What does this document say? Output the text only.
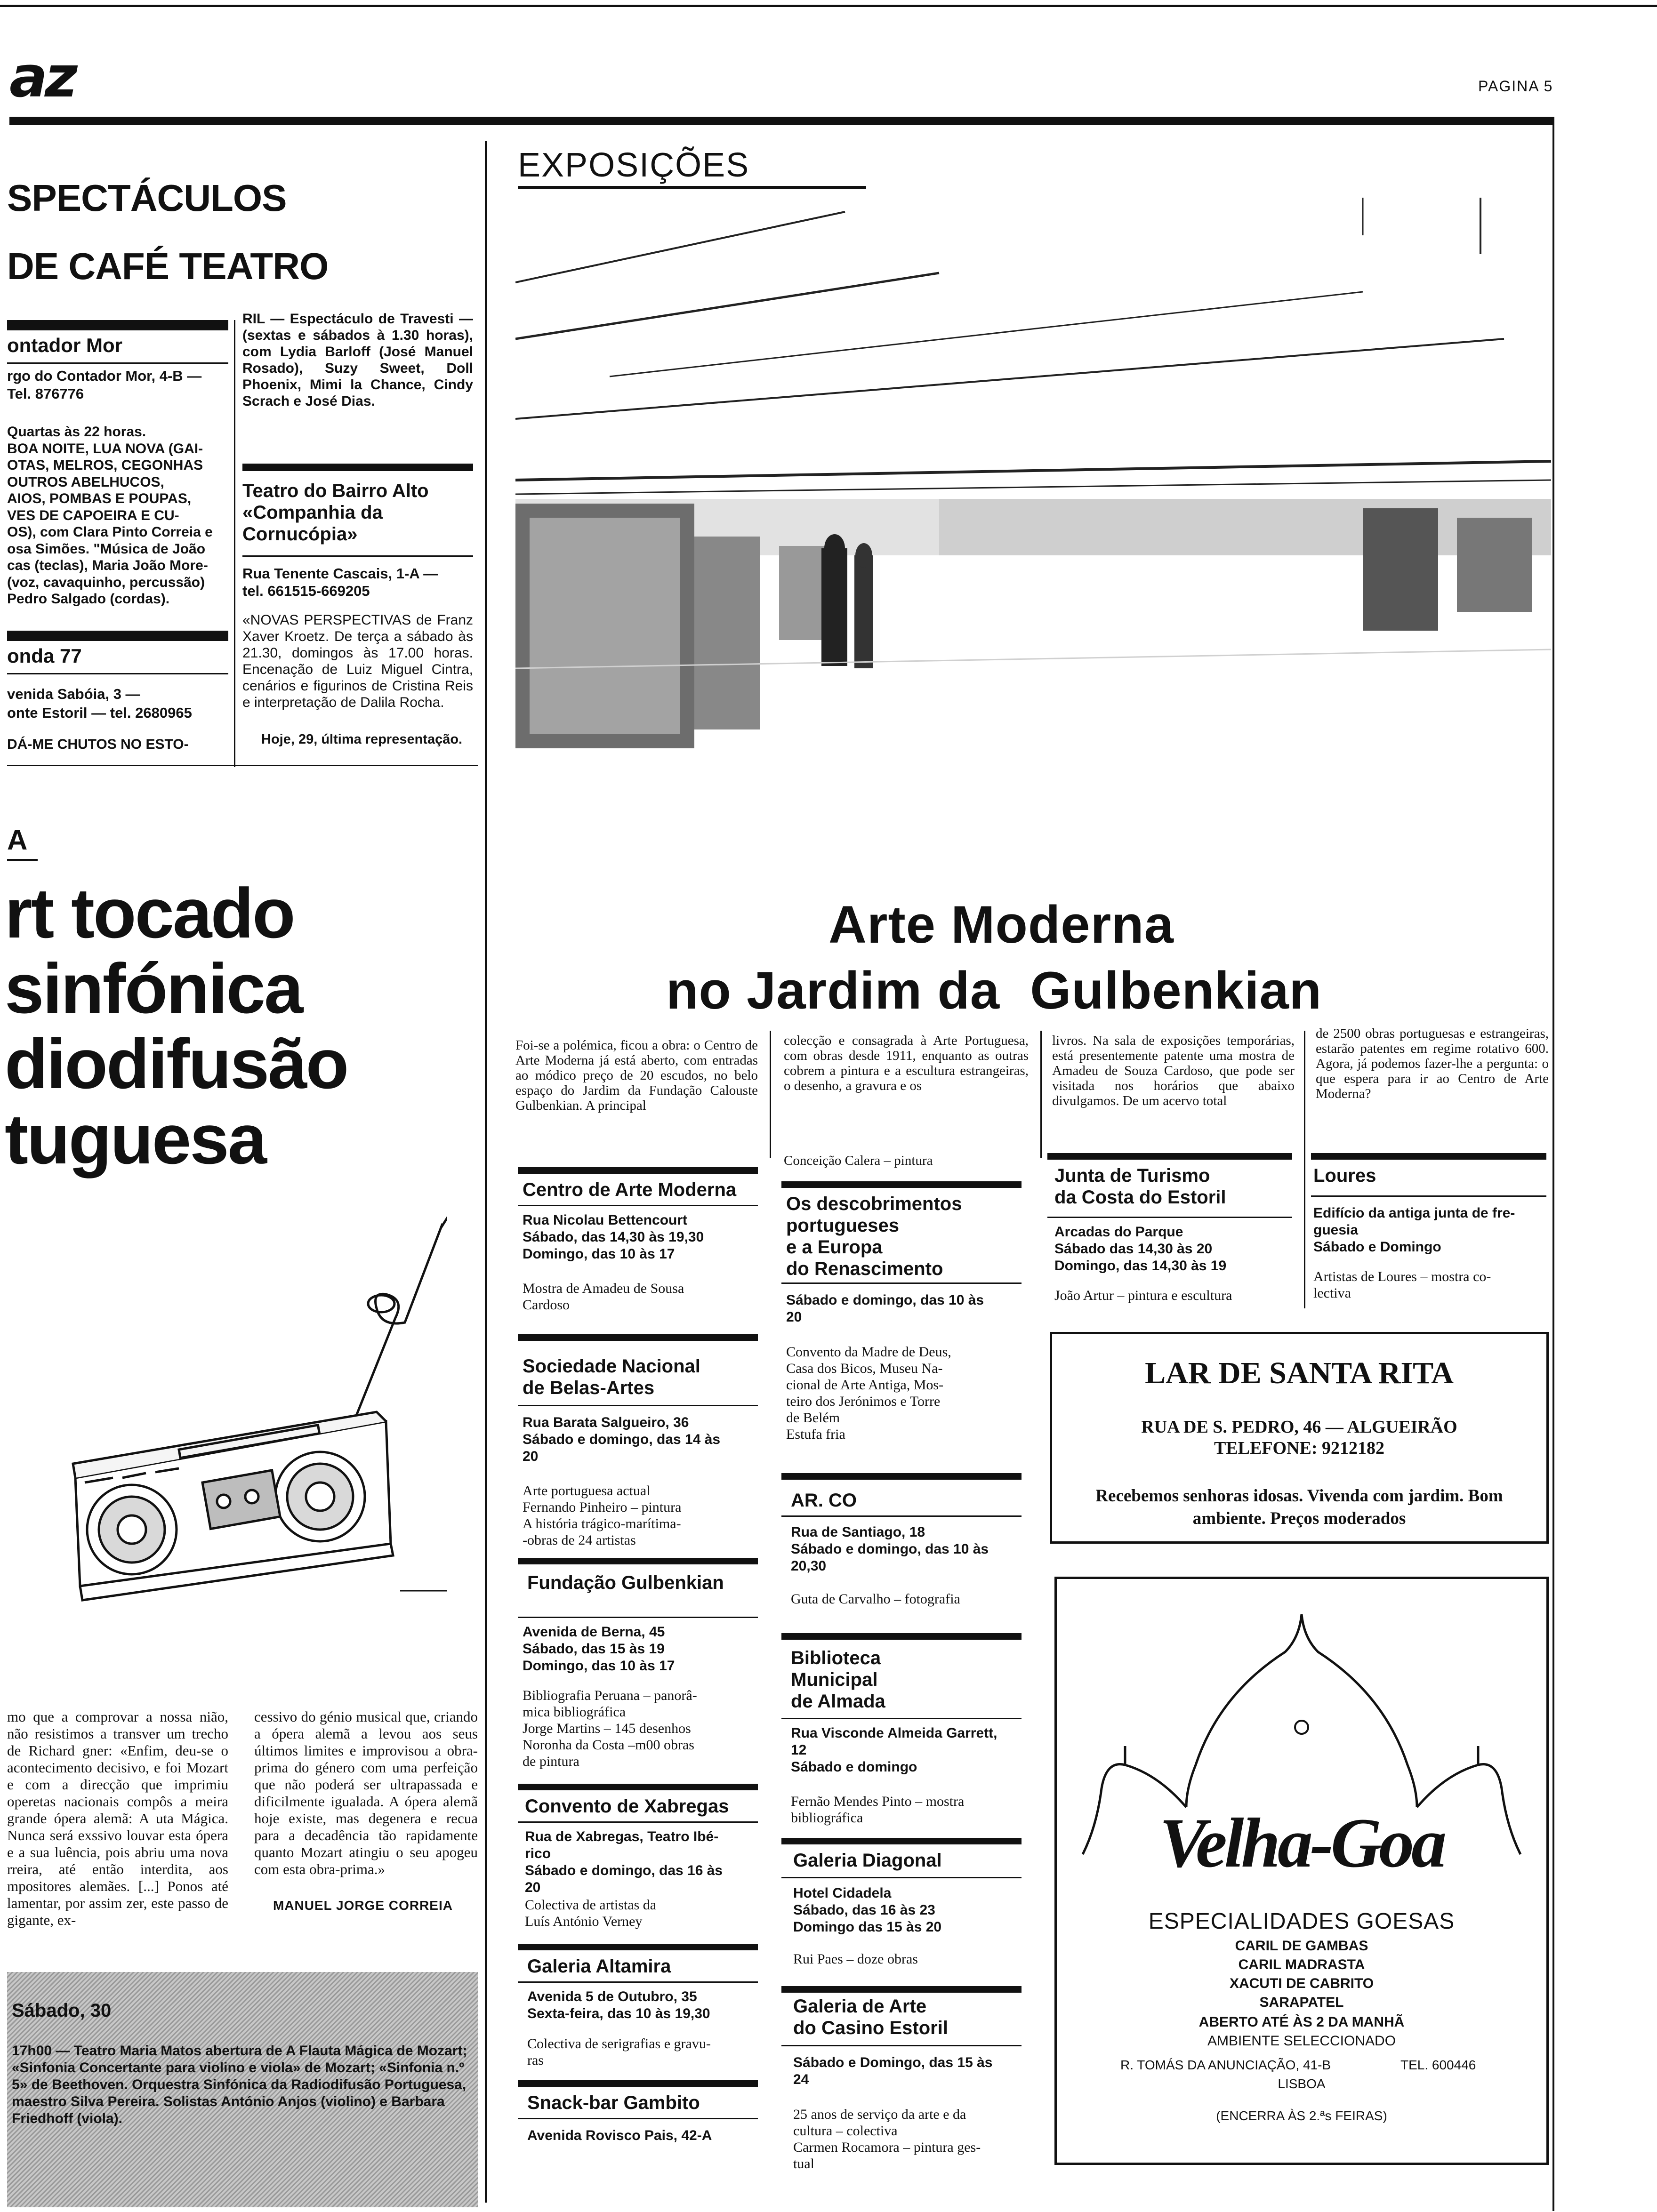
az	PAGINA 5
SPECTÁCULOS
DE CAFÉ TEATRO
ontador Mor
rgo do Contador Mor, 4-B —
Tel. 876776
Quartas às 22 horas.
BOA NOITE, LUA NOVA (GAI-
OTAS, MELROS, CEGONHAS
OUTROS ABELHUCOS,
AIOS, POMBAS E POUPAS,
VES DE CAPOEIRA E CU-
OS), com Clara Pinto Correia e
osa Simões. "Música de João
cas (teclas), Maria João More-
(voz, cavaquinho, percussão)
Pedro Salgado (cordas).
onda 77
venida Sabóia, 3 —
onte Estoril — tel. 2680965
DÁ-ME CHUTOS NO ESTO-
RIL — Espectáculo de Travesti — (sextas e sábados à 1.30 horas), com Lydia Barloff (José Manuel Rosado), Suzy Sweet, Doll Phoenix, Mimi la Chance, Cindy Scrach e José Dias.
Teatro do Bairro Alto «Companhia da Cornucópia»
Rua Tenente Cascais, 1-A — tel. 661515-669205
«NOVAS PERSPECTIVAS de Franz Xaver Kroetz. De terça a sábado às 21.30, domingos às 17.00 horas. Encenação de Luiz Miguel Cintra, cenários e figurinos de Cristina Reis e interpretação de Dalila Rocha.
Hoje, 29, última representação.
A
rt tocado
sinfónica
diodifusão
tuguesa
mo que a comprovar a nossa nião, não resistimos a transver um trecho de Richard gner: «Enfim, deu-se o acontecimento decisivo, e foi Mozart e com a direcção que imprimiu operetas nacionais compôs a meira grande ópera alemã: A uta Mágica. Nunca será exssivo louvar esta ópera e a sua luência, pois abriu uma nova rreira, até então interdita, aos mpositores alemães. [...] Ponos até lamentar, por assim zer, este passo de gigante, ex-
cessivo do génio musical que, criando a ópera alemã a levou aos seus últimos limites e improvisou a obra-prima do género com uma perfeição que não poderá ser ultrapassada e dificilmente igualada. A ópera alemã hoje existe, mas degenera e recua para a decadência tão rapidamente quanto Mozart atingiu o seu apogeu com esta obra-prima.»
MANUEL JORGE CORREIA
Sábado, 30
17h00 — Teatro Maria Matos abertura de A Flauta Mágica de Mozart; «Sinfonia Concertante para violino e viola» de Mozart; «Sinfonia n.º 5» de Beethoven. Orquestra Sinfónica da Radiodifusão Portuguesa, maestro Silva Pereira. Solistas António Anjos (violino) e Barbara Friedhoff (viola).
EXPOSIÇÕES
Arte Moderna
no Jardim da  Gulbenkian
Foi-se a polémica, ficou a obra: o Centro de Arte Moderna já está aberto, com entradas ao módico preço de 20 escudos, no belo espaço do Jardim da Fundação Calouste Gulbenkian. A principal
colecção e consagrada à Arte Portuguesa, com obras desde 1911, enquanto as outras cobrem a pintura e a escultura estrangeiras, o desenho, a gravura e os
Conceição Calera – pintura
livros. Na sala de exposições temporárias, está presentemente patente uma mostra de Amadeu de Souza Cardoso, que pode ser visitada nos horários que abaixo divulgamos. De um acervo total
de 2500 obras portuguesas e estrangeiras, estarão patentes em regime rotativo 600. Agora, já podemos fazer-lhe a pergunta: o que espera para ir ao Centro de Arte Moderna?
Centro de Arte Moderna
Rua Nicolau Bettencourt
Sábado, das 14,30 às 19,30
Domingo, das 10 às 17
Mostra de Amadeu de Sousa
Cardoso
Sociedade Nacional
de Belas-Artes
Rua Barata Salgueiro, 36
Sábado e domingo, das 14 às
20
Arte portuguesa actual
Fernando Pinheiro – pintura
A história trágico-marítima-
-obras de 24 artistas
Fundação Gulbenkian
Avenida de Berna, 45
Sábado, das 15 às 19
Domingo, das 10 às 17
Bibliografia Peruana – panorâ-
mica bibliográfica
Jorge Martins – 145 desenhos
Noronha da Costa –m00 obras
de pintura
Convento de Xabregas
Rua de Xabregas, Teatro Ibé-
rico
Sábado e domingo, das 16 às
20
Colectiva de artistas da
Luís António Verney
Galeria Altamira
Avenida 5 de Outubro, 35
Sexta-feira, das 10 às 19,30
Colectiva de serigrafias e gravu-
ras
Snack-bar Gambito
Avenida Rovisco Pais, 42-A
Os descobrimentos
portugueses
e a Europa
do Renascimento
Sábado e domingo, das 10 às
20
Convento da Madre de Deus,
Casa dos Bicos, Museu Na-
cional de Arte Antiga, Mos-
teiro dos Jerónimos e Torre
de Belém
Estufa fria
AR. CO
Rua de Santiago, 18
Sábado e domingo, das 10 às
20,30
Guta de Carvalho – fotografia
Biblioteca
Municipal
de Almada
Rua Visconde Almeida Garrett,
12
Sábado e domingo
Fernão Mendes Pinto – mostra
bibliográfica
Galeria Diagonal
Hotel Cidadela
Sábado, das 16 às 23
Domingo das 15 às 20
Rui Paes – doze obras
Galeria de Arte
do Casino Estoril
Sábado e Domingo, das 15 às
24
25 anos de serviço da arte e da
cultura – colectiva
Carmen Rocamora – pintura ges-
tual
Junta de Turismo
da Costa do Estoril
Arcadas do Parque
Sábado das 14,30 às 20
Domingo, das 14,30 às 19
João Artur – pintura e escultura
Loures
Edifício da antiga junta de fre-
guesia
Sábado e Domingo
Artistas de Loures – mostra co-
lectiva
LAR DE SANTA RITA
RUA DE S. PEDRO, 46 — ALGUEIRÃO
TELEFONE: 9212182
Recebemos senhoras idosas. Vivenda com jardim. Bom ambiente. Preços moderados
Velha-Goa
ESPECIALIDADES GOESAS
CARIL DE GAMBAS
CARIL MADRASTA
XACUTI DE CABRITO
SARAPATEL
ABERTO ATÉ ÀS 2 DA MANHÃ
AMBIENTE SELECCIONADO
R. TOMÁS DA ANUNCIAÇÃO, 41-B	TEL. 600446
LISBOA
(ENCERRA ÀS 2.ªs FEIRAS)
